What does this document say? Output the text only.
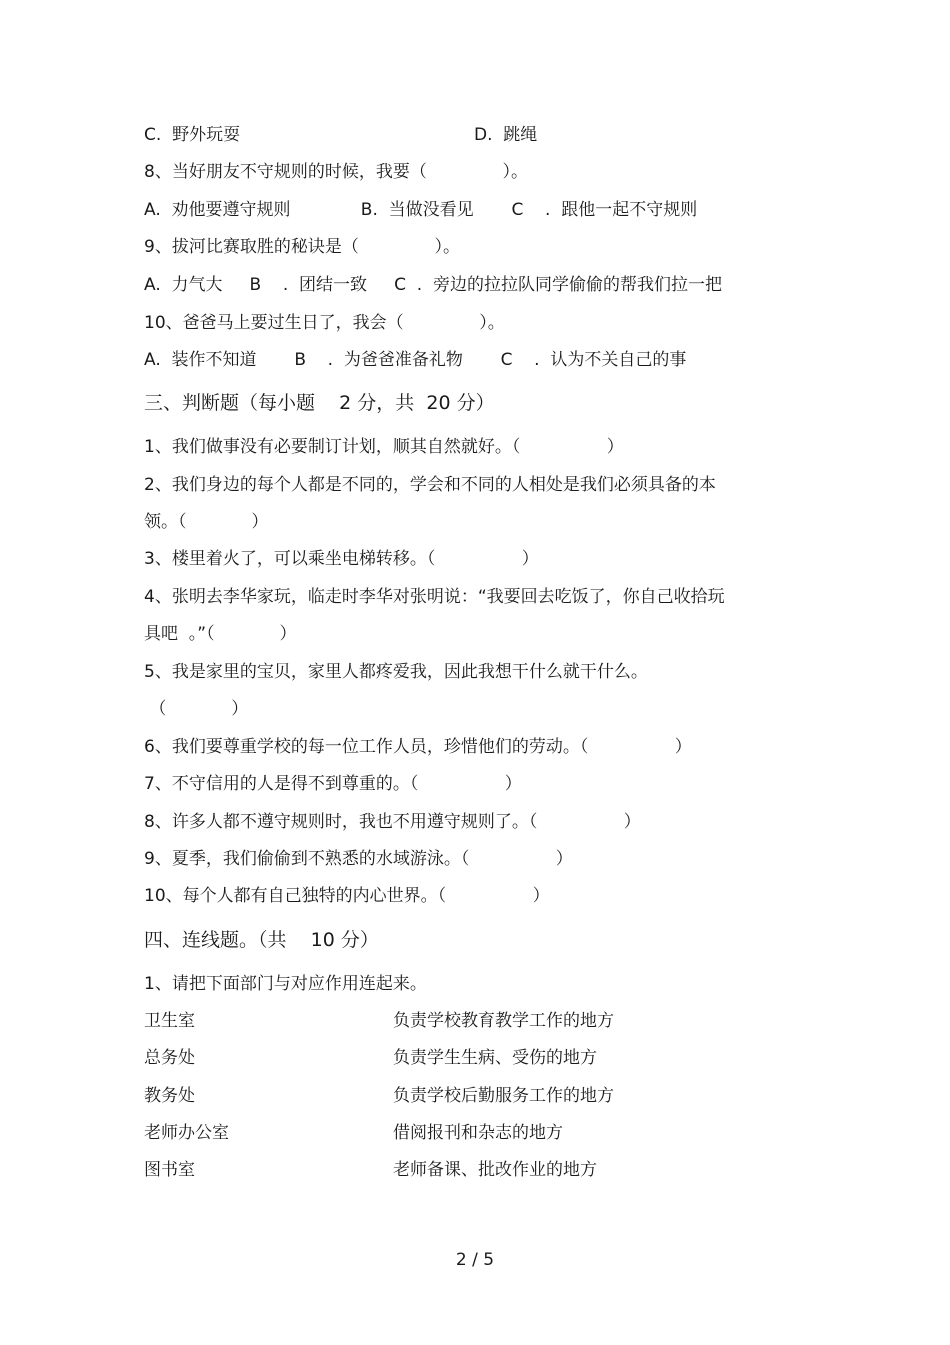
C.  野外玩耍	D.  跳绳
8、当好朋友不守规则的时候，我要（              ）。
A.  劝他要遵守规则             B.  当做没看见       C    .  跟他一起不守规则
9、拔河比赛取胜的秘诀是（              ）。
A.  力气大     B    .  团结一致     C  .  旁边的拉拉队同学偷偷的帮我们拉一把
10、爸爸马上要过生日了，我会（              ）。
A.  装作不知道       B    .  为爸爸准备礼物       C    .  认为不关自己的事
三、判断题（每小题    2 分，共  20 分）
1、我们做事没有必要制订计划，顺其自然就好。（                ）
2、我们身边的每个人都是不同的，学会和不同的人相处是我们必须具备的本
领。（            ）
3、楼里着火了，可以乘坐电梯转移。（                ）
4、张明去李华家玩，临走时李华对张明说：“我要回去吃饭了，你自己收拾玩
具吧  。”（            ）
5、我是家里的宝贝，家里人都疼爱我，因此我想干什么就干什么。
（            ）
6、我们要尊重学校的每一位工作人员，珍惜他们的劳动。（                ）
7、不守信用的人是得不到尊重的。（                ）
8、许多人都不遵守规则时，我也不用遵守规则了。（                ）
9、夏季，我们偷偷到不熟悉的水域游泳。（                ）
10、每个人都有自己独特的内心世界。（                ）
四、连线题。（共    10 分）
1、请把下面部门与对应作用连起来。
卫生室	负责学校教育教学工作的地方
总务处	负责学生生病、受伤的地方
教务处	负责学校后勤服务工作的地方
老师办公室	借阅报刊和杂志的地方
图书室	老师备课、批改作业的地方
2 / 5
